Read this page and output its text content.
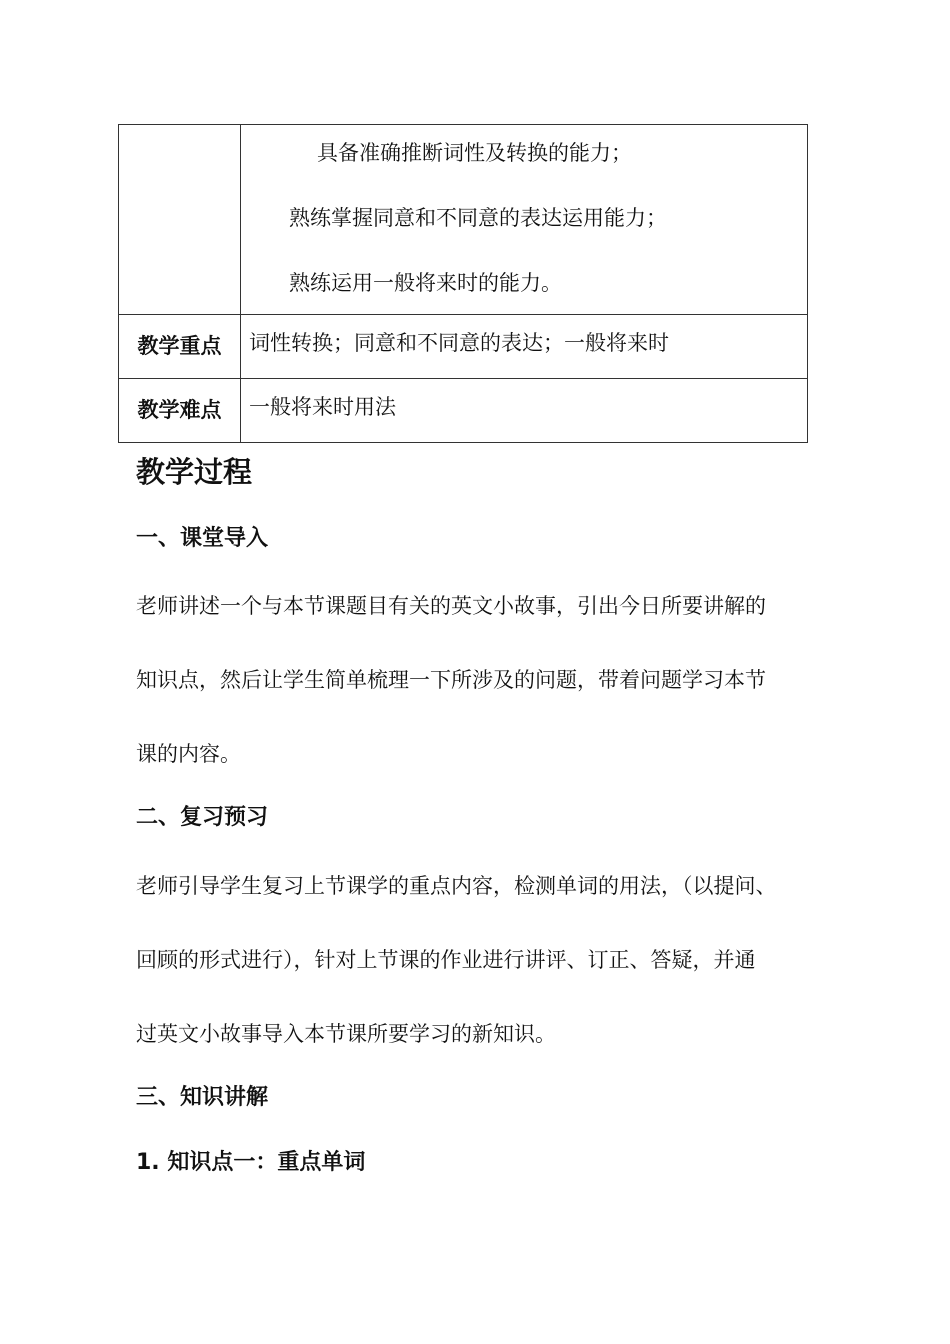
	具备准确推断词性及转换的能力；
熟练掌握同意和不同意的表达运用能力；
熟练运用一般将来时的能力。

教学重点	词性转换；同意和不同意的表达；一般将来时

教学难点	一般将来时用法
教学过程
一、课堂导入
老师讲述一个与本节课题目有关的英文小故事，引出今日所要讲解的
知识点，然后让学生简单梳理一下所涉及的问题，带着问题学习本节
课的内容。
二、复习预习
老师引导学生复习上节课学的重点内容，检测单词的用法，（以提问、
回顾的形式进行），针对上节课的作业进行讲评、订正、答疑，并通
过英文小故事导入本节课所要学习的新知识。
三、知识讲解
1. 知识点一：重点单词
